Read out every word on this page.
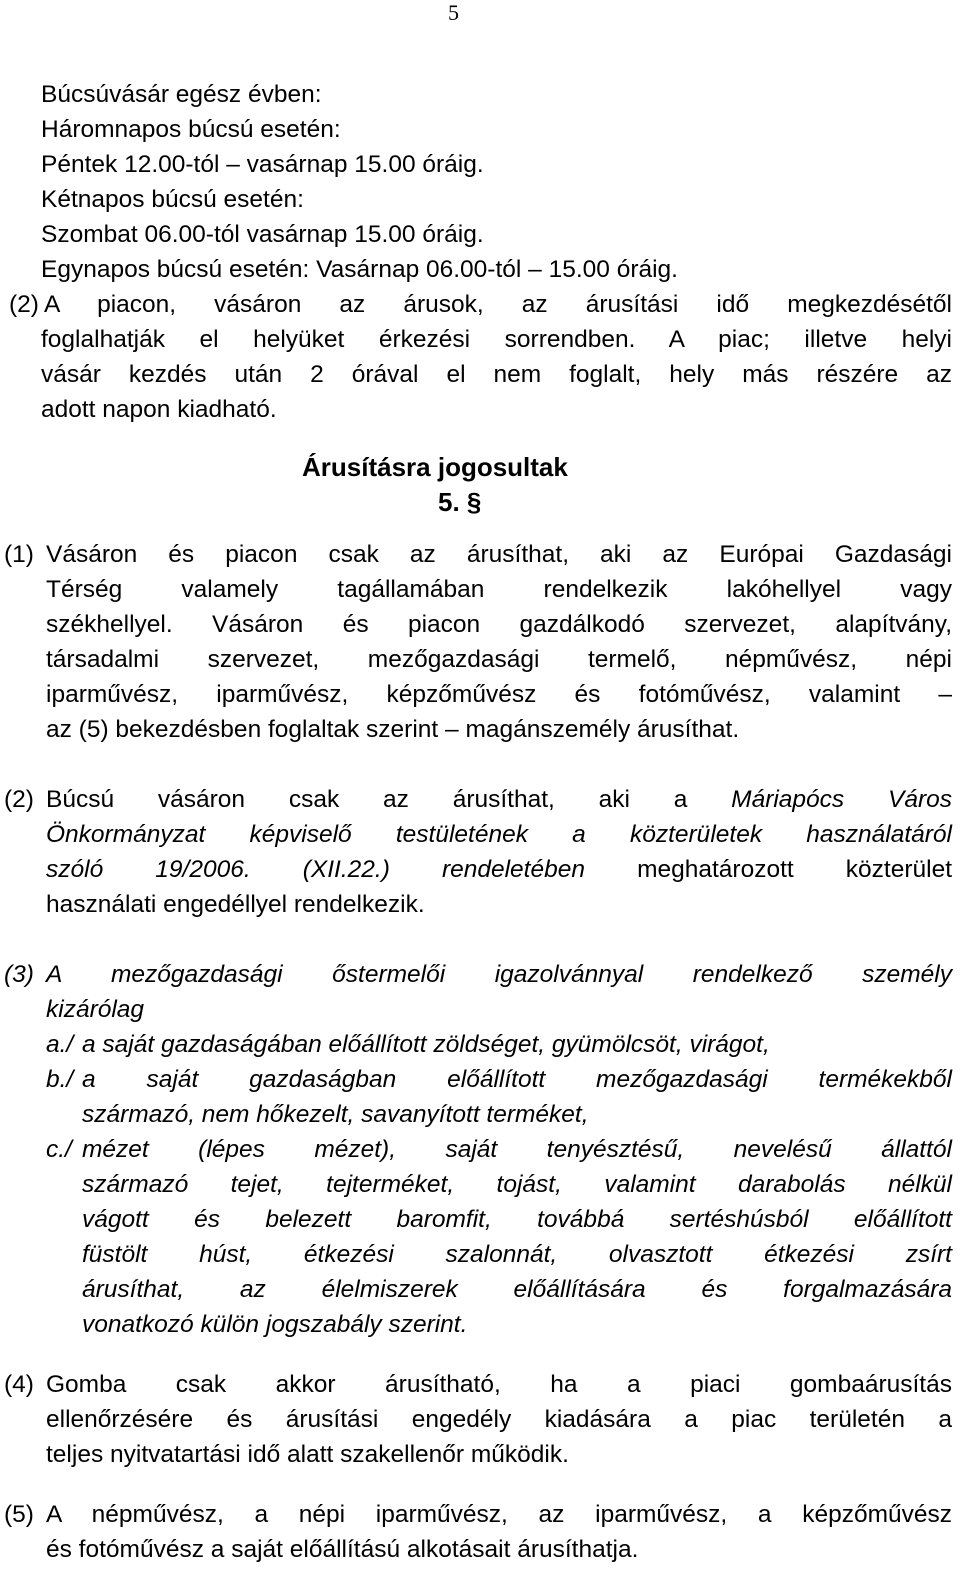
5
Búcsúvásár egész évben:
Háromnapos búcsú esetén:
Péntek 12.00-tól – vasárnap 15.00 óráig.
Kétnapos búcsú esetén:
Szombat 06.00-tól vasárnap 15.00 óráig.
Egynapos búcsú esetén: Vasárnap 06.00-tól – 15.00 óráig.
(2) A piacon, vásáron az árusok, az árusítási idő megkezdésétől
foglalhatják el helyüket érkezési sorrendben. A piac; illetve helyi
vásár kezdés után 2 órával el nem foglalt, hely más részére az
adott napon kiadható.
Árusításra jogosultak
5. §
(1) Vásáron és piacon csak az árusíthat, aki az Európai Gazdasági
Térség valamely tagállamában rendelkezik lakóhellyel vagy
székhellyel. Vásáron és piacon gazdálkodó szervezet, alapítvány,
társadalmi szervezet, mezőgazdasági termelő, népművész, népi
iparművész, iparművész, képzőművész és fotóművész, valamint –
az (5) bekezdésben foglaltak szerint – magánszemély árusíthat.
(2) Búcsú vásáron csak az árusíthat, aki a Máriapócs Város
Önkormányzat képviselő testületének a közterületek használatáról
szóló 19/2006. (XII.22.) rendeletében meghatározott közterület
használati engedéllyel rendelkezik.
(3) A mezőgazdasági őstermelői igazolvánnyal rendelkező személy
kizárólag
a./ a saját gazdaságában előállított zöldséget, gyümölcsöt, virágot,
b./ a saját gazdaságban előállított mezőgazdasági termékekből
származó, nem hőkezelt, savanyított terméket,
c./ mézet (lépes mézet), saját tenyésztésű, nevelésű állattól
származó tejet, tejterméket, tojást, valamint darabolás nélkül
vágott és belezett baromfit, továbbá sertéshúsból előállított
füstölt húst, étkezési szalonnát, olvasztott étkezési zsírt
árusíthat, az élelmiszerek előállítására és forgalmazására
vonatkozó külön jogszabály szerint.
(4) Gomba csak akkor árusítható, ha a piaci gombaárusítás
ellenőrzésére és árusítási engedély kiadására a piac területén a
teljes nyitvatartási idő alatt szakellenőr működik.
(5) A népművész, a népi iparművész, az iparművész, a képzőművész
és fotóművész a saját előállítású alkotásait árusíthatja.
